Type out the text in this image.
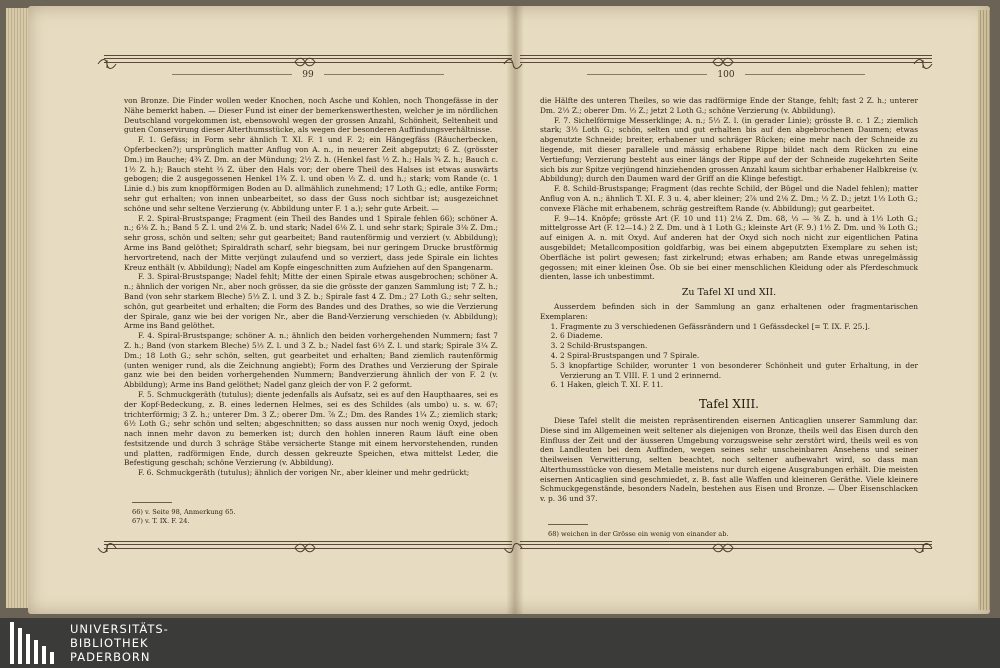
99

von Bronze. Die Finder wollen weder Knochen, noch Asche und Kohlen, noch Thongefässe in der Nähe bemerkt haben. — Dieser Fund ist einer der bemerkenswerthesten, welcher je im nördlichen Deutschland vorgekommen ist, ebensowohl wegen der grossen Anzahl, Schönheit, Seltenheit und guten Conservirung dieser Alterthumsstücke, als wegen der besonderen Auffindungsverhältnisse.

F. 1. Gefäss; in Form sehr ähnlich T. XI. F. 1 und F. 2; ein Hängegfäss (Räucherbecken, Opferbecken?); ursprünglich matter Anflug von A. n., in neuerer Zeit abgeputzt; 6 Z. (grösster Dm.) im Bauche; 4¾ Z. Dm. an der Mündung; 2½ Z. h. (Henkel fast ½ Z. h.; Hals ¾ Z. h.; Bauch c. 1½ Z. h.); Bauch steht ⅔ Z. über den Hals vor; der obere Theil des Halses ist etwas auswärts gebogen; die 2 ausgegossenen Henkel 1¾ Z. l. und oben ⅓ Z. d. und h.; stark; vom Rande (c. 1 Linie d.) bis zum knopfförmigen Boden au D. allmählich zunehmend; 17 Loth G.; edle, antike Form; sehr gut erhalten; von innen unbearbeitet, so dass der Guss noch sichtbar ist; ausgezeichnet schöne und sehr seltene Verzierung (v. Abbildung unter F. 1 a.); sehr gute Arbeit. —

F. 2. Spiral-Brustspange; Fragment (ein Theil des Bandes und 1 Spirale fehlen 66); schöner A. n.; 6⅛ Z. h.; Band 5 Z. l. und 2⅛ Z. b. und stark; Nadel 6⅛ Z. l. und sehr stark; Spirale 3⅛ Z. Dm.; sehr gross, schön und selten; sehr gut gearbeitet; Band rautenförmig und verziert (v. Abbildung); Arme ins Band gelöthet; Spiraldrath scharf, sehr biegsam, bei nur geringem Drucke brustförmig hervortretend, nach der Mitte verjüngt zulaufend und so verziert, dass jede Spirale ein lichtes Kreuz enthält (v. Abbildung); Nadel am Kopfe eingeschnitten zum Aufziehen auf den Spangenarm.

F. 3. Spiral-Brustspange; Nadel fehlt; Mitte der einen Spirale etwas ausgebrochen; schöner A. n.; ähnlich der vorigen Nr., aber noch grösser, da sie die grösste der ganzen Sammlung ist; 7 Z. h.; Band (von sehr starkem Bleche) 5⅓ Z. l. und 3 Z. b.; Spirale fast 4 Z. Dm.; 27 Loth G.; sehr selten, schön, gut gearbeitet und erhalten; die Form des Bandes und des Drathes, so wie die Verzierung der Spirale, ganz wie bei der vorigen Nr., aber die Band-Verzierung verschieden (v. Abbildung); Arme ins Band gelöthet.

F. 4. Spiral-Brustspange; schöner A. n.; ähnlich den beiden vorhergehenden Nummern; fast 7 Z. h.; Band (von starkem Bleche) 5⅓ Z. l. und 3 Z. b.; Nadel fast 6⅓ Z. l. und stark; Spirale 3¼ Z. Dm.; 18 Loth G.; sehr schön, selten, gut gearbeitet und erhalten; Band ziemlich rautenförmig (unten weniger rund, als die Zeichnung angiebt); Form des Drathes und Verzierung der Spirale ganz wie bei den beiden vorhergehenden Nummern; Bandverzierung ähnlich der von F. 2 (v. Abbildung); Arme ins Band gelöthet; Nadel ganz gleich der von F. 2 geformt.

F. 5. Schmuckgeräth (tutulus); diente jedenfalls als Aufsatz, sei es auf den Haupthaares, sei es der Kopf-Bedeckung, z. B. eines ledernen Helmes, sei es des Schildes (als umbo) u. s. w. 67; trichterförmig; 3 Z. h.; unterer Dm. 3 Z.; oberer Dm. ⅞ Z.; Dm. des Randes 1¼ Z.; ziemlich stark; 6½ Loth G.; sehr schön und selten; abgeschnitten; so dass aussen nur noch wenig Oxyd, jedoch nach innen mehr davon zu bemerken ist; durch den hohlen inneren Raum läuft eine oben festsitzende und durch 3 schräge Stäbe versicherte Stange mit einem hervorstehenden, runden und platten, radförmigen Ende, durch dessen gekreuzte Speichen, etwa mittelst Leder, die Befestigung geschah; schöne Verzierung (v. Abbildung).

F. 6. Schmuckgeräth (tutulus); ähnlich der vorigen Nr., aber kleiner und mehr gedrückt;

66) v. Seite 98, Anmerkung 65.
67) v. T. IX. F. 24.
100

die Hälfte des unteren Theiles, so wie das radförmige Ende der Stange, fehlt; fast 2 Z. h.; unterer Dm. 2⅓ Z.; oberer Dm. ⅓ Z.; jetzt 2 Loth G.; schöne Verzierung (v. Abbildung).

F. 7. Sichelförmige Messerklinge; A. n.; 5⅓ Z. l. (in gerader Linie); grösste B. c. 1 Z.; ziemlich stark; 3⅓ Loth G.; schön, selten und gut erhalten bis auf den abgebrochenen Daumen; etwas abgenutzte Schneide; breiter, erhabener und schräger Rücken; eine mehr nach der Schneide zu liegende, mit dieser parallele und mässig erhabene Rippe bildet nach dem Rücken zu eine Vertiefung; Verzierung besteht aus einer längs der Rippe auf der der Schneide zugekehrten Seite sich bis zur Spitze verjüngend hinziehenden grossen Anzahl kaum sichtbar erhabener Halbkreise (v. Abbildung); durch den Daumen ward der Griff an die Klinge befestigt.

F. 8. Schild-Brustspange; Fragment (das rechte Schild, der Bügel und die Nadel fehlen); matter Anflug von A. n.; ähnlich T. XI. F. 3 u. 4, aber kleiner; 2⅞ und 2⅛ Z. Dm.; ⅓ Z. D.; jetzt 1⅓ Loth G.; convexe Fläche mit erhabenem, schräg gestreiftem Rande (v. Abbildung); gut gearbeitet.

F. 9—14. Knöpfe; grösste Art (F. 10 und 11) 2⅛ Z. Dm. 68, ⅓ — ⅜ Z. h. und à 1⅓ Loth G.; mittelgrosse Art (F. 12—14.) 2 Z. Dm. und à 1 Loth G.; kleinste Art (F. 9.) 1⅓ Z. Dm. und ⅜ Loth G.; auf einigen A. n. mit Oxyd. Auf anderen hat der Oxyd sich noch nicht zur eigentlichen Patina ausgebildet; Metallcomposition goldfarbig, was bei einem abgeputzten Exemplare zu sehen ist; Oberfläche ist polirt gewesen; fast zirkelrund; etwas erhaben; am Rande etwas unregelmässig gegossen; mit einer kleinen Öse. Ob sie bei einer menschlichen Kleidung oder als Pferdeschmuck dienten, lasse ich unbestimmt.

Zu Tafel XI und XII.

Ausserdem befinden sich in der Sammlung an ganz erhaltenen oder fragmentarischen Exemplaren:

1. Fragmente zu 3 verschiedenen Gefässrändern und 1 Gefässdeckel [= T. IX. F. 25.].
2. 6 Diademe.
3. 2 Schild-Brustspangen.
4. 2 Spiral-Brustspangen und 7 Spirale.
5. 3 knopfartige Schilder, worunter 1 von besonderer Schönheit und guter Erhaltung, in der Verzierung an T. VIII. F. 1 und 2 erinnernd.
6. 1 Haken, gleich T. XI. F. 11.
Tafel XIII.

Diese Tafel stellt die meisten repräsentirenden eisernen Anticaglien unserer Sammlung dar. Diese sind im Allgemeinen weit seltener als diejenigen von Bronze, theils weil das Eisen durch den Einfluss der Zeit und der äusseren Umgebung vorzugsweise sehr zerstört wird, theils weil es von den Landleuten bei dem Auffinden, wegen seines sehr unscheinbaren Ansehens und seiner theilweisen Verwitterung, selten beachtet, noch seltener aufbewahrt wird, so dass man Alterthumsstücke von diesem Metalle meistens nur durch eigene Ausgrabungen erhält. Die meisten eisernen Anticaglien sind geschmiedet, z. B. fast alle Waffen und kleineren Geräthe. Viele kleinere Schmuckgegenstände, besonders Nadeln, bestehen aus Eisen und Bronze. — Über Eisenschlacken v. p. 36 und 37.

68) weichen in der Grösse ein wenig von einander ab.
UNIVERSITÄTS-
BIBLIOTHEK
PADERBORN
